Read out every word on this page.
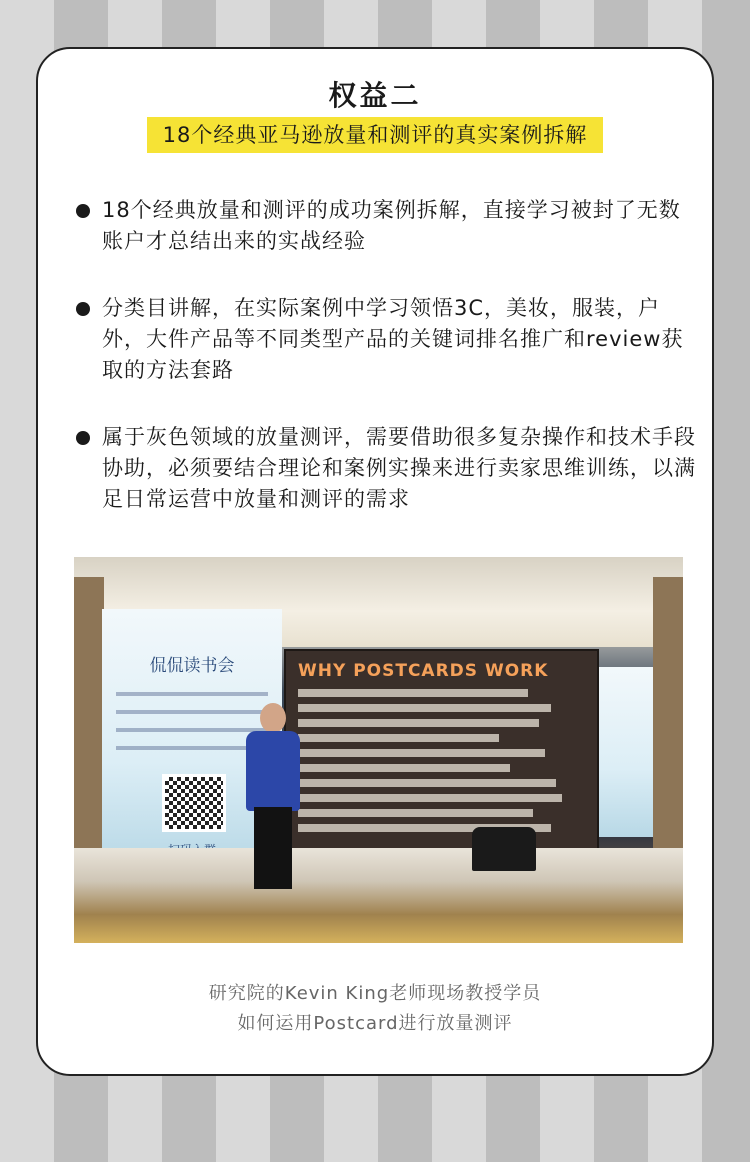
权益二
18个经典亚马逊放量和测评的真实案例拆解
18个经典放量和测评的成功案例拆解，直接学习被封了无数账户才总结出来的实战经验
分类目讲解，在实际案例中学习领悟3C，美妆，服装，户外，大件产品等不同类型产品的关键词排名推广和review获取的方法套路
属于灰色领域的放量测评，需要借助很多复杂操作和技术手段协助，必须要结合理论和案例实操来进行卖家思维训练，以满足日常运营中放量和测评的需求
侃侃读书会	WHY POSTCARDS WORK
研究院的Kevin King老师现场教授学员
如何运用Postcard进行放量测评
